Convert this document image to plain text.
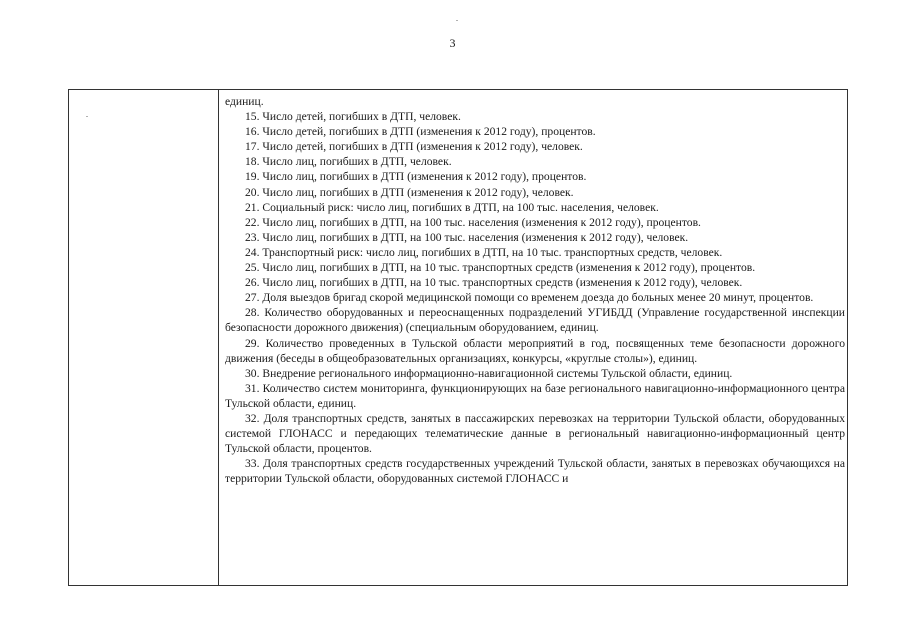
3
единиц.
15. Число детей, погибших в ДТП, человек.
16. Число детей, погибших в ДТП (изменения к 2012 году), процентов.
17. Число детей, погибших в ДТП (изменения к 2012 году), человек.
18. Число лиц, погибших в ДТП, человек.
19. Число лиц, погибших в ДТП (изменения к 2012 году), процентов.
20. Число лиц, погибших в ДТП (изменения к 2012 году), человек.
21. Социальный риск: число лиц, погибших в ДТП, на 100 тыс. населения, человек.
22. Число лиц, погибших в ДТП, на 100 тыс. населения (изменения к 2012 году), процентов.
23. Число лиц, погибших в ДТП, на 100 тыс. населения (изменения к 2012 году), человек.
24. Транспортный риск: число лиц, погибших в ДТП, на 10 тыс. транспортных средств, человек.
25. Число лиц, погибших в ДТП, на 10 тыс. транспортных средств (изменения к 2012 году), процентов.
26. Число лиц, погибших в ДТП, на 10 тыс. транспортных средств (изменения к 2012 году), человек.
27. Доля выездов бригад скорой медицинской помощи со временем доезда до больных менее 20 минут, процентов.
28. Количество оборудованных и переоснащенных подразделений УГИБДД (Управление государственной инспекции безопасности дорожного движения) (специальным оборудованием, единиц.
29. Количество проведенных в Тульской области мероприятий в год, посвященных теме безопасности дорожного движения (беседы в общеобразовательных организациях, конкурсы, «круглые столы»), единиц.
30. Внедрение регионального информационно-навигационной системы Тульской области, единиц.
31. Количество систем мониторинга, функционирующих на базе регионального навигационно-информационного центра Тульской области, единиц.
32. Доля транспортных средств, занятых в пассажирских перевозках на территории Тульской области, оборудованных системой ГЛОНАСС и передающих телематические данные в региональный навигационно-информационный центр Тульской области, процентов.
33. Доля транспортных средств государственных учреждений Тульской области, занятых в перевозках обучающихся на территории Тульской области, оборудованных системой ГЛОНАСС и
